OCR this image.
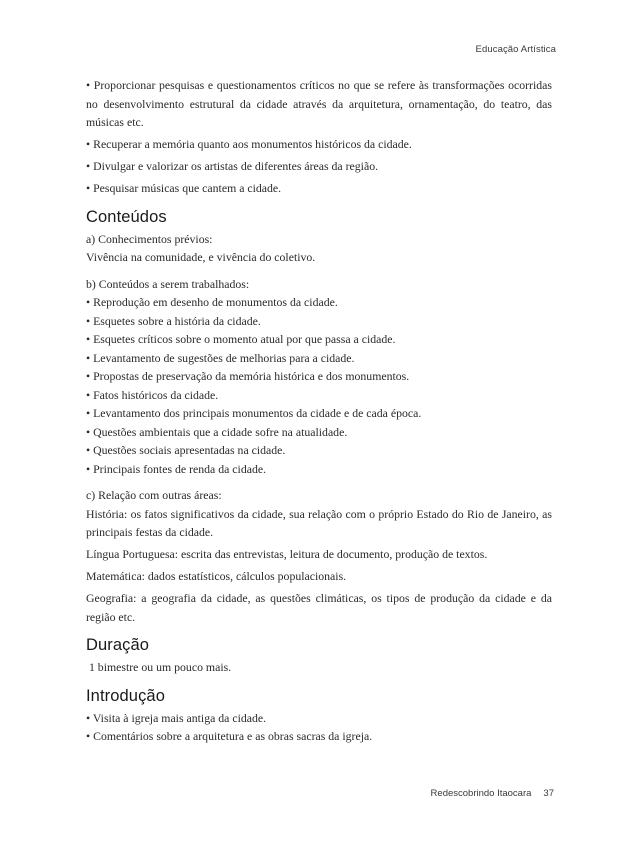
Educação Artística

• Proporcionar pesquisas e questionamentos críticos no que se refere às transformações ocorridas no desenvolvimento estrutural da cidade através da arquitetura, ornamentação, do teatro, das músicas etc.

• Recuperar a memória quanto aos monumentos históricos da cidade.

• Divulgar e valorizar os artistas de diferentes áreas da região.

• Pesquisar músicas que cantem a cidade.

Conteúdos

a) Conhecimentos prévios:

Vivência na comunidade, e vivência do coletivo.

b) Conteúdos a serem trabalhados:

• Reprodução em desenho de monumentos da cidade.

• Esquetes sobre a história da cidade.

• Esquetes críticos sobre o momento atual por que passa a cidade.

• Levantamento de sugestões de melhorias para a cidade.

• Propostas de preservação da memória histórica e dos monumentos.

• Fatos históricos da cidade.

• Levantamento dos principais monumentos da cidade e de cada época.

• Questões ambientais que a cidade sofre na atualidade.

• Questões sociais apresentadas na cidade.

• Principais fontes de renda da cidade.

c) Relação com outras áreas:

História: os fatos significativos da cidade, sua relação com o próprio Estado do Rio de Janeiro, as principais festas da cidade.

Língua Portuguesa: escrita das entrevistas, leitura de documento, produção de textos.

Matemática: dados estatísticos, cálculos populacionais.

Geografia: a geografia da cidade, as questões climáticas, os tipos de produção da cidade e da região etc.

Duração

1 bimestre ou um pouco mais.

Introdução

• Visita à igreja mais antiga da cidade.

• Comentários sobre a arquitetura e as obras sacras da igreja.

Redescobrindo Itaocara 37
